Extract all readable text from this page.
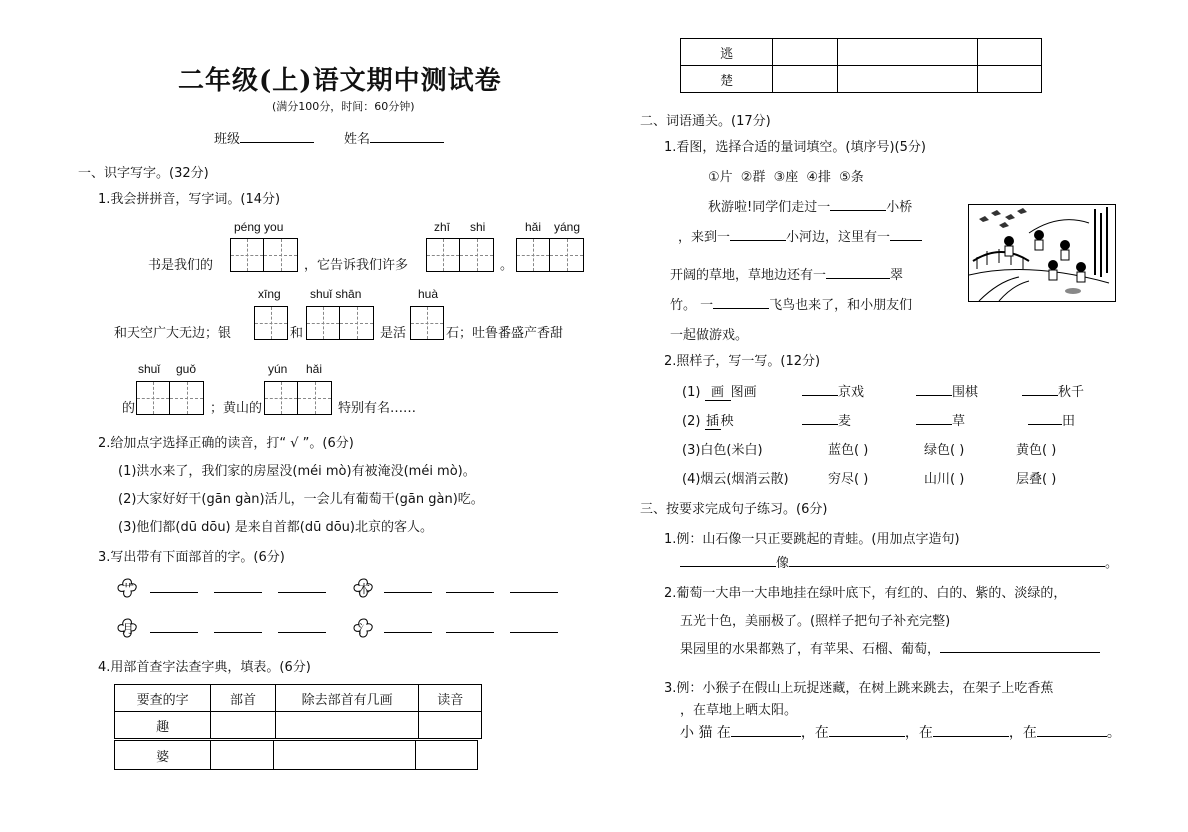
二年级(上)语文期中测试卷
(满分100分，时间：60分钟)
班级	姓名
一、识字写字。(32分)
1.我会拼拼音，写字词。(14分)
péng you	zhī shi	hǎi yáng
书是我们的	，它告诉我们许多	。
xīng shuǐ shān	huà
和天空广大无边；银	和	是活	石；吐鲁番盛产香甜
shuǐ guǒ	yún hǎi
的	；黄山的	特别有名……
2.给加点字选择正确的读音，打“ √ ”。(6分)
(1)洪水来了，我们家的房屋没(méi mò)有被淹没(méi mò)。
(2)大家好好干(gān gàn)活儿，一会儿有葡萄干(gān gàn)吃。
(3)他们都(dū dōu) 是来自首都(dū dōu)北京的客人。
3.写出带有下面部首的字。(6分)
艹	木
月	氵
4.用部首查字法查字典，填表。(6分)
要查的字	部首	除去部首有几画	读音
趣			
婆			
逃			
楚			
二、词语通关。(17分)
1.看图，选择合适的量词填空。(填序号)(5分)
①片 ②群 ③座 ④排 ⑤条
秋游啦!同学们走过一	小桥
，来到一	小河边，这里有一
开阔的草地，草地边还有一	翠
竹。 一	飞鸟也来了，和小朋友们
一起做游戏。
2.照样子，写一写。(12分)
(1) 画 图画	京戏	围棋	秋千
(2) 插 秧	麦	草	田
(3)白色(米白)	蓝色( )	绿色( )	黄色( )
(4)烟云(烟消云散)	穷尽( )	山川( )	层叠( )
三、按要求完成句子练习。(6分)
1.例：山石像一只正要跳起的青蛙。(用加点字造句)
像	。
2.葡萄一大串一大串地挂在绿叶底下，有红的、白的、紫的、淡绿的，
五光十色，美丽极了。(照样子把句子补充完整)
果园里的水果都熟了，有苹果、石榴、葡萄，
3.例：小猴子在假山上玩捉迷藏，在树上跳来跳去，在架子上吃香蕉
，在草地上晒太阳。
小 猫 在	，在	，在	，在	。
